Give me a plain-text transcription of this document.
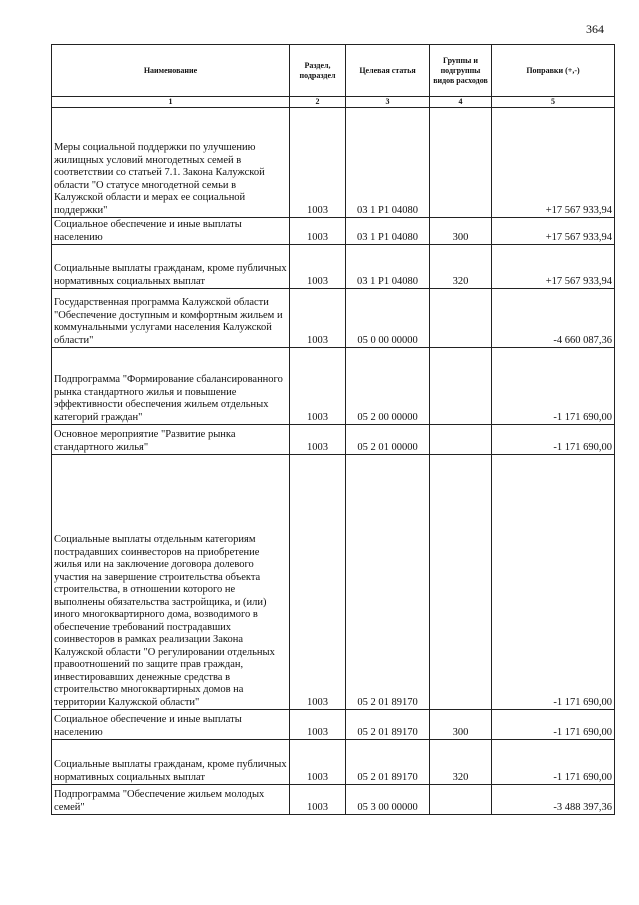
364
Наименование	Раздел, подраздел	Целевая статья	Группы и подгруппы видов расходов	Поправки (+,-)
1	2	3	4	5
Меры социальной поддержки по улучшению жилищных условий многодетных семей в соответствии со статьей 7.1. Закона Калужской области "О статусе многодетной семьи в Калужской области и мерах ее социальной поддержки"	1003	03 1 P1 04080		+17 567 933,94
Социальное обеспечение и иные выплаты населению	1003	03 1 P1 04080	300	+17 567 933,94
Социальные выплаты гражданам, кроме публичных нормативных социальных выплат	1003	03 1 P1 04080	320	+17 567 933,94
Государственная программа Калужской области "Обеспечение доступным и комфортным жильем и коммунальными услугами населения Калужской области"	1003	05 0 00 00000		-4 660 087,36
Подпрограмма "Формирование сбалансированного рынка стандартного жилья и повышение эффективности обеспечения жильем отдельных категорий граждан"	1003	05 2 00 00000		-1 171 690,00
Основное мероприятие "Развитие рынка стандартного жилья"	1003	05 2 01 00000		-1 171 690,00
Социальные выплаты отдельным категориям пострадавших соинвесторов на приобретение жилья или на заключение договора долевого участия на завершение строительства объекта строительства, в отношении которого не выполнены обязательства застройщика, и (или) иного многоквартирного дома, возводимого в обеспечение требований пострадавших соинвесторов в рамках реализации Закона Калужской области "О регулировании отдельных правоотношений по защите прав граждан, инвестировавших денежные средства в строительство многоквартирных домов на территории Калужской области"	1003	05 2 01 89170		-1 171 690,00
Социальное обеспечение и иные выплаты населению	1003	05 2 01 89170	300	-1 171 690,00
Социальные выплаты гражданам, кроме публичных нормативных социальных выплат	1003	05 2 01 89170	320	-1 171 690,00
Подпрограмма "Обеспечение жильем молодых семей"	1003	05 3 00 00000		-3 488 397,36
